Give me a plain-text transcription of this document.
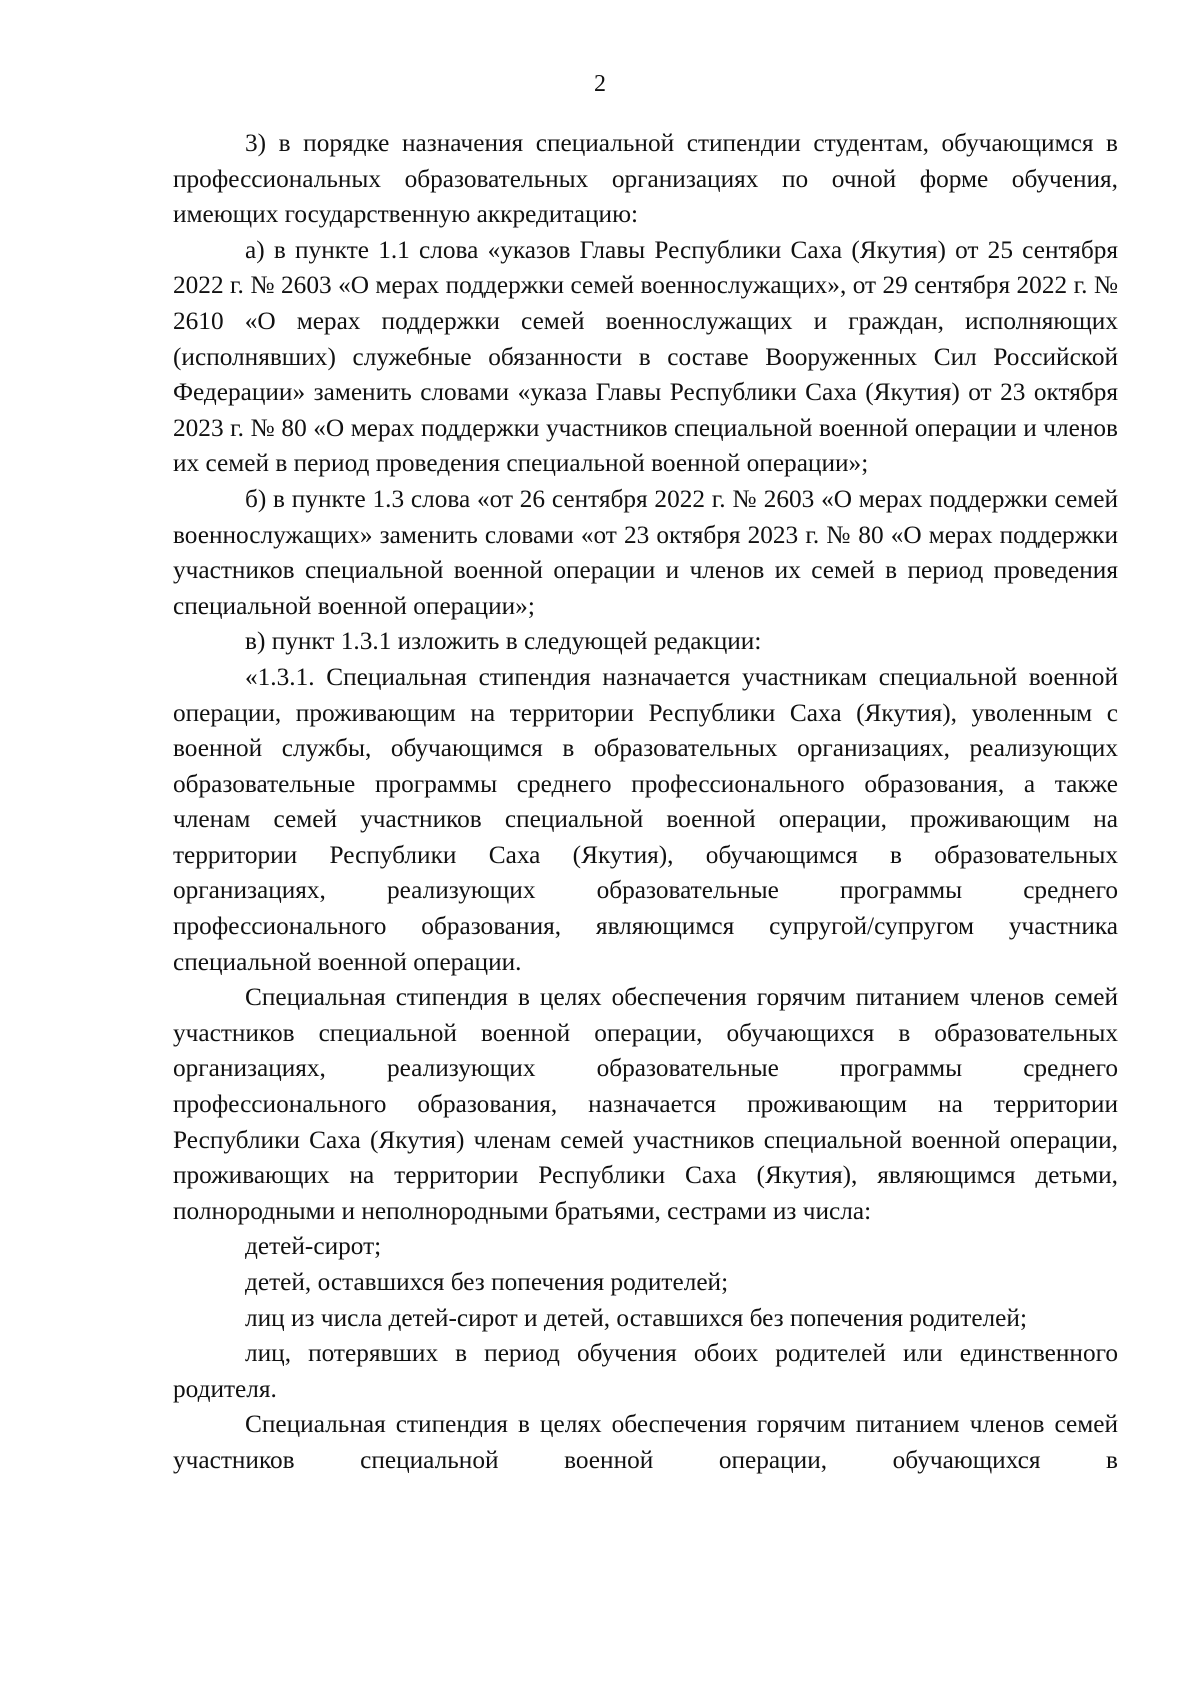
2

3) в порядке назначения специальной стипендии студентам, обучающимся в профессиональных образовательных организациях по очной форме обучения, имеющих государственную аккредитацию:

а) в пункте 1.1 слова «указов Главы Республики Саха (Якутия) от 25 сентября 2022 г. № 2603 «О мерах поддержки семей военнослужащих», от 29 сентября 2022 г. № 2610 «О мерах поддержки семей военнослужащих и граждан, исполняющих (исполнявших) служебные обязанности в составе Вооруженных Сил Российской Федерации» заменить словами «указа Главы Республики Саха (Якутия) от 23 октября 2023 г. № 80 «О мерах поддержки участников специальной военной операции и членов их семей в период проведения специальной военной операции»;

б) в пункте 1.3 слова «от 26 сентября 2022 г. № 2603 «О мерах поддержки семей военнослужащих» заменить словами «от 23 октября 2023 г. № 80 «О мерах поддержки участников специальной военной операции и членов их семей в период проведения специальной военной операции»;

в) пункт 1.3.1 изложить в следующей редакции:

«1.3.1. Специальная стипендия назначается участникам специальной военной операции, проживающим на территории Республики Саха (Якутия), уволенным с военной службы, обучающимся в образовательных организациях, реализующих образовательные программы среднего профессионального образования, а также членам семей участников специальной военной операции, проживающим на территории Республики Саха (Якутия), обучающимся в образовательных организациях, реализующих образовательные программы среднего профессионального образования, являющимся супругой/супругом участника специальной военной операции.

Специальная стипендия в целях обеспечения горячим питанием членов семей участников специальной военной операции, обучающихся в образовательных организациях, реализующих образовательные программы среднего профессионального образования, назначается проживающим на территории Республики Саха (Якутия) членам семей участников специальной военной операции, проживающих на территории Республики Саха (Якутия), являющимся детьми, полнородными и неполнородными братьями, сестрами из числа:

детей-сирот;

детей, оставшихся без попечения родителей;

лиц из числа детей-сирот и детей, оставшихся без попечения родителей;

лиц, потерявших в период обучения обоих родителей или единственного родителя.

Специальная стипендия в целях обеспечения горячим питанием членов семей участников специальной военной операции, обучающихся в
